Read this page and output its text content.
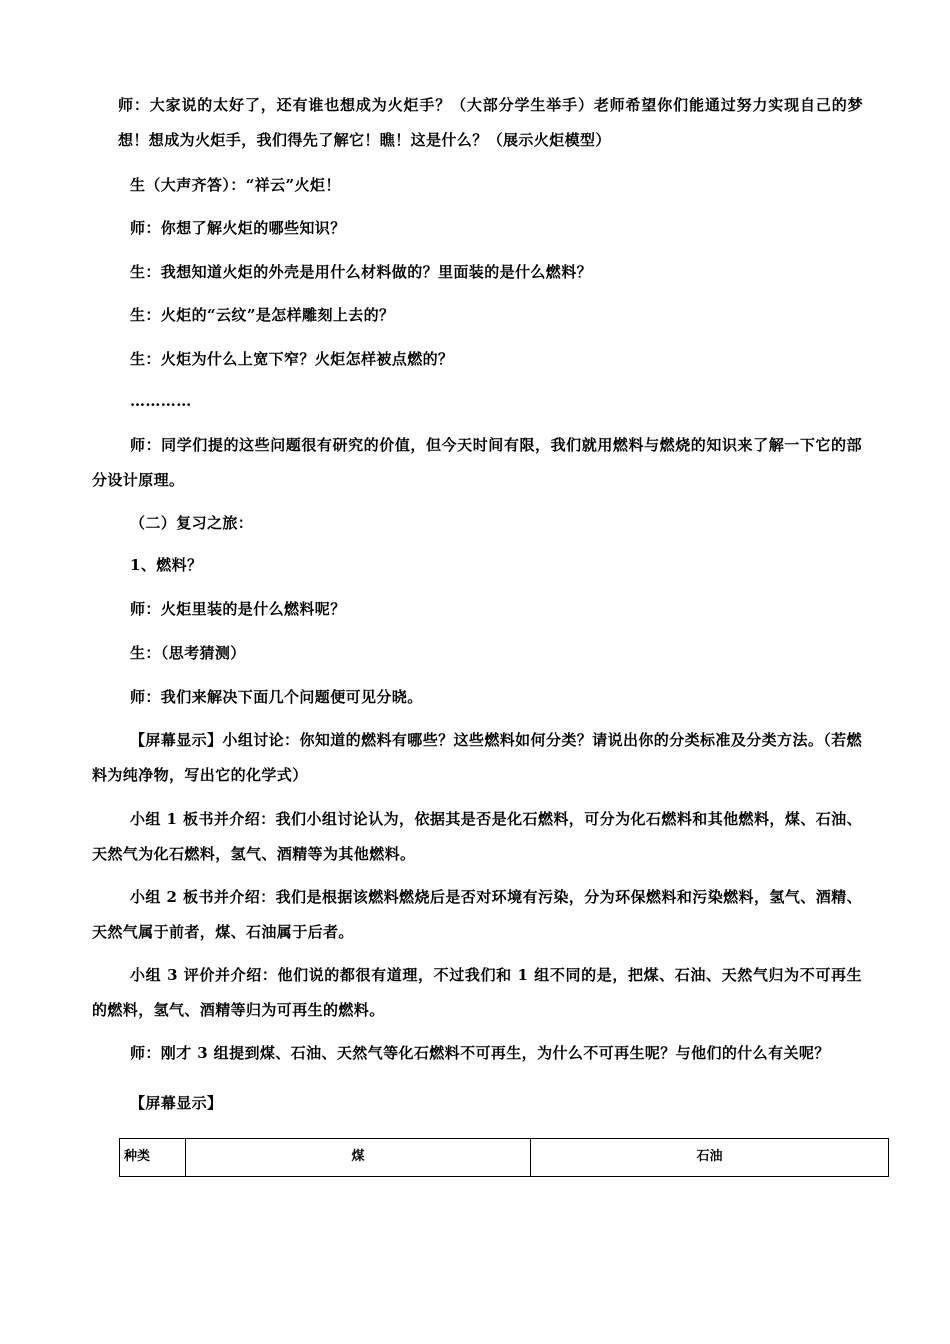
师：大家说的太好了，还有谁也想成为火炬手？（大部分学生举手）老师希望你们能通过努力实现自己的梦想！想成为火炬手，我们得先了解它！瞧！这是什么？（展示火炬模型）

生（大声齐答）：“祥云”火炬！

师：你想了解火炬的哪些知识？

生：我想知道火炬的外壳是用什么材料做的？里面装的是什么燃料？

生：火炬的“云纹”是怎样雕刻上去的？

生：火炬为什么上宽下窄？火炬怎样被点燃的？

…………

师：同学们提的这些问题很有研究的价值，但今天时间有限，我们就用燃料与燃烧的知识来了解一下它的部分设计原理。

（二）复习之旅：

1、燃料？

师：火炬里装的是什么燃料呢？

生：（思考猜测）

师：我们来解决下面几个问题便可见分晓。

【屏幕显示】小组讨论：你知道的燃料有哪些？这些燃料如何分类？请说出你的分类标准及分类方法。（若燃料为纯净物，写出它的化学式）

小组 1 板书并介绍：我们小组讨论认为，依据其是否是化石燃料，可分为化石燃料和其他燃料，煤、石油、天然气为化石燃料，氢气、酒精等为其他燃料。

小组 2 板书并介绍：我们是根据该燃料燃烧后是否对环境有污染，分为环保燃料和污染燃料，氢气、酒精、天然气属于前者，煤、石油属于后者。

小组 3 评价并介绍：他们说的都很有道理，不过我们和 1 组不同的是，把煤、石油、天然气归为不可再生的燃料，氢气、酒精等归为可再生的燃料。

师：刚才 3 组提到煤、石油、天然气等化石燃料不可再生，为什么不可再生呢？与他们的什么有关呢？

【屏幕显示】

种类	煤	石油
